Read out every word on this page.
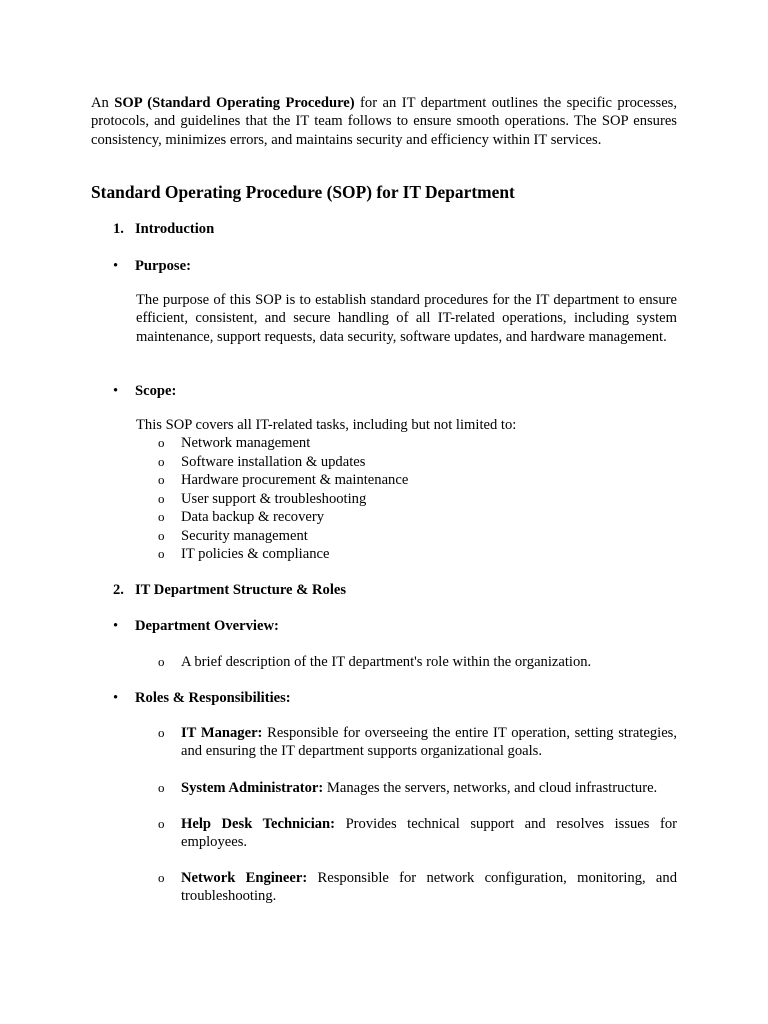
An SOP (Standard Operating Procedure) for an IT department outlines the specific processes, protocols, and guidelines that the IT team follows to ensure smooth operations. The SOP ensures consistency, minimizes errors, and maintains security and efficiency within IT services.

Standard Operating Procedure (SOP) for IT Department
1. Introduction
• Purpose:

The purpose of this SOP is to establish standard procedures for the IT department to ensure efficient, consistent, and secure handling of all IT-related operations, including system maintenance, support requests, data security, software updates, and hardware management.

• Scope:

This SOP covers all IT-related tasks, including but not limited to:

o Network management
o Software installation & updates
o Hardware procurement & maintenance
o User support & troubleshooting
o Data backup & recovery
o Security management
o IT policies & compliance
2. IT Department Structure & Roles
• Department Overview:
o A brief description of the IT department's role within the organization.
• Roles & Responsibilities:
o IT Manager: Responsible for overseeing the entire IT operation, setting strategies, and ensuring the IT department supports organizational goals.
o System Administrator: Manages the servers, networks, and cloud infrastructure.
o Help Desk Technician: Provides technical support and resolves issues for employees.
o Network Engineer: Responsible for network configuration, monitoring, and troubleshooting.
